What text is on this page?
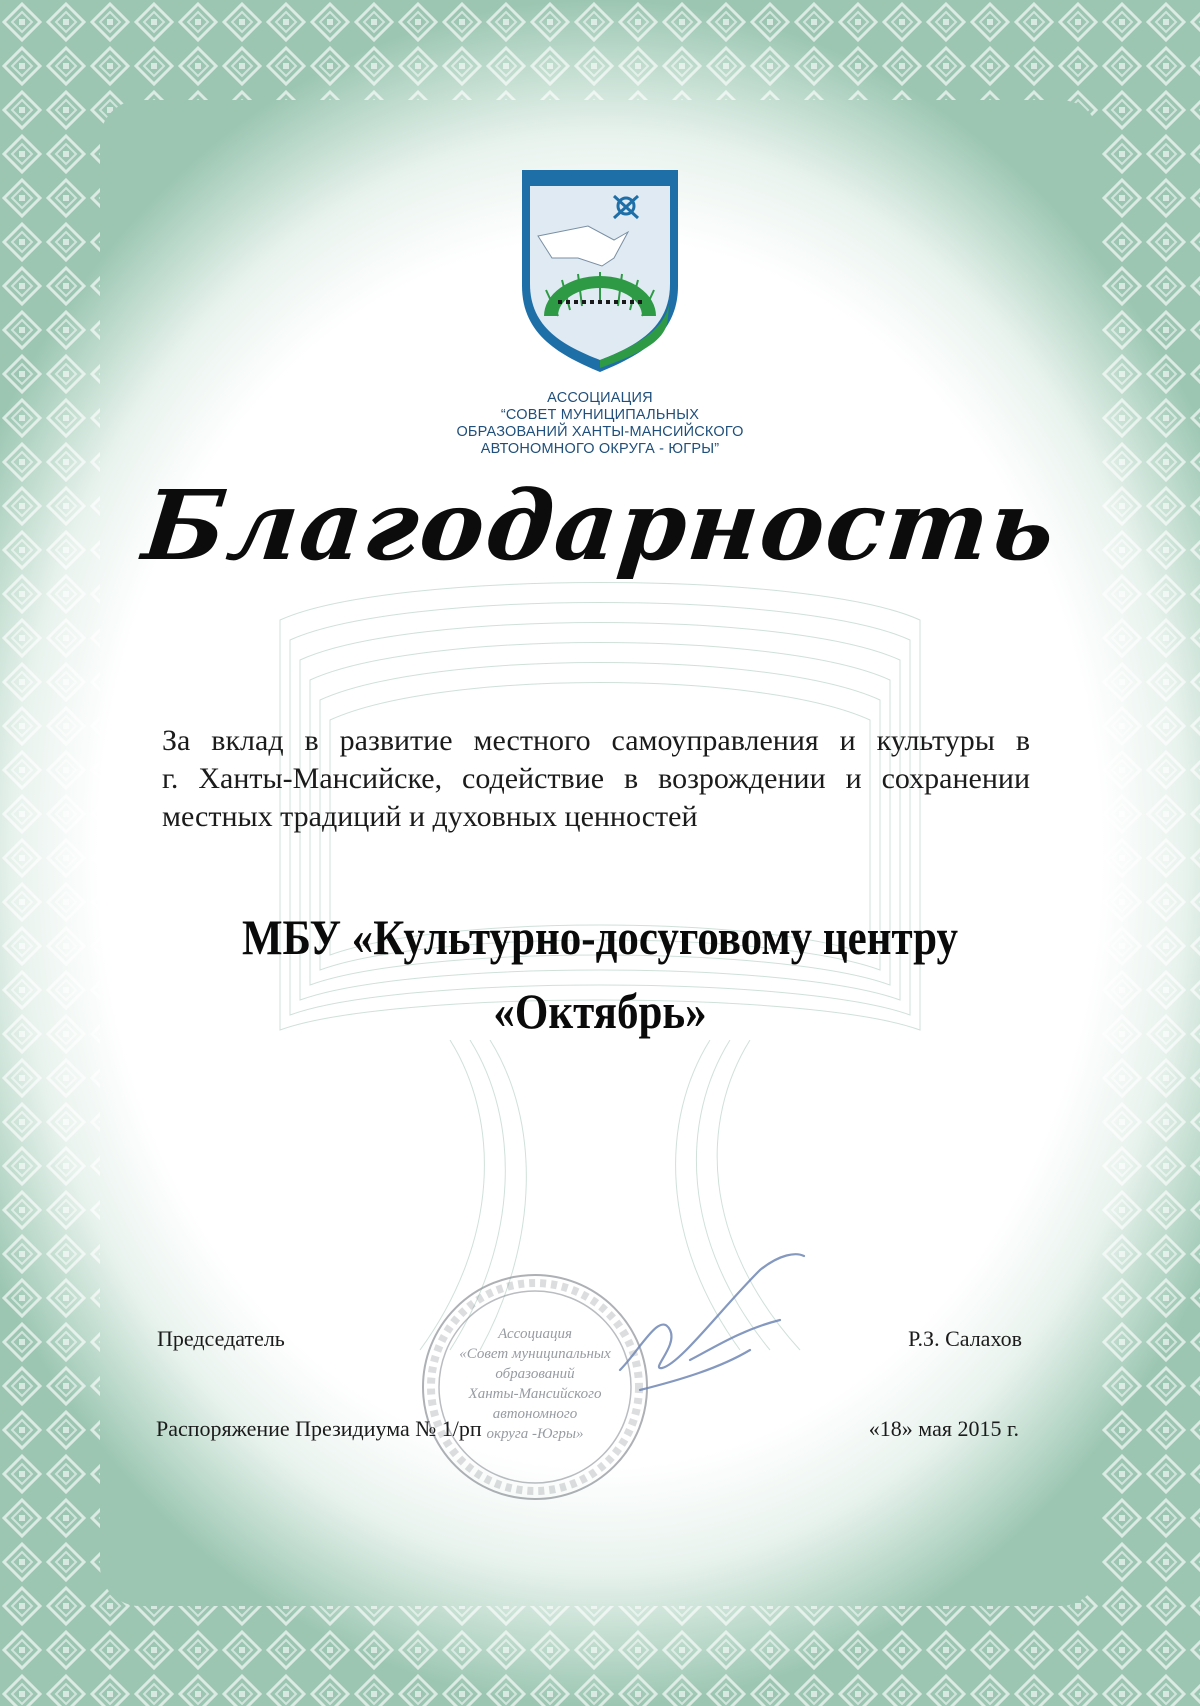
АССОЦИАЦИЯ
“СОВЕТ МУНИЦИПАЛЬНЫХ
ОБРАЗОВАНИЙ ХАНТЫ-МАНСИЙСКОГО
АВТОНОМНОГО ОКРУГА - ЮГРЫ”
Благодарность
За вклад в развитие местного самоуправления и культуры в
г. Ханты-Мансийске, содействие в возрождении и сохранении
местных традиций и духовных ценностей
МБУ «Культурно-досуговому центру
«Октябрь»
Ассоциация
«Совет муниципальных
образований
Ханты-Мансийского
автономного
округа -Югры»
Председатель	Р.З. Салахов
Распоряжение Президиума № 1/рп	«18» мая 2015 г.
